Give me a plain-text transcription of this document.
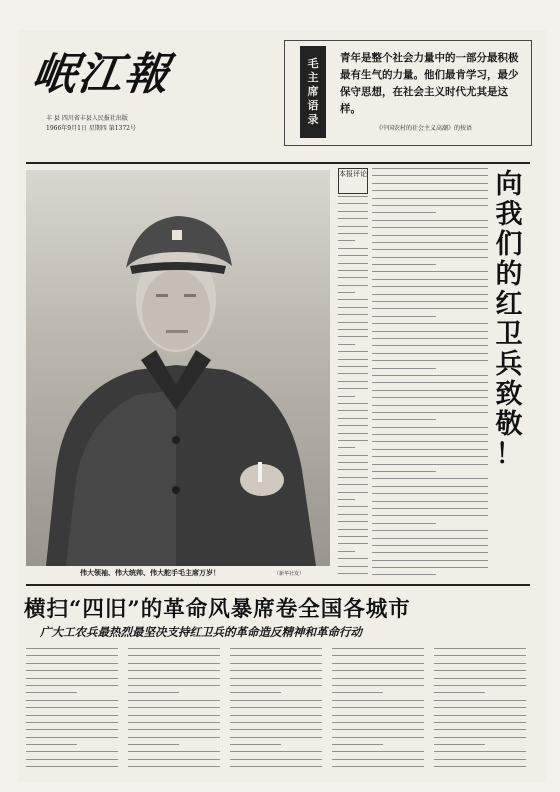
岷江報
丰 县 四川省丰县人民报社出版
1966年9月1日 星期四 第1372号
毛
主
席
语
录
青年是整个社会力量中的一部分最积极最有生气的力量。他们最肯学习，最少保守思想，在社会主义时代尤其是这样。
《中国农村的社会主义高潮》的按语
伟大领袖、伟大统帅、伟大舵手毛主席万岁！	（新华社发）
本报评论	向
我
们
的
红
卫
兵
致
敬
！
横扫“四旧”的革命风暴席卷全国各城市
广大工农兵最热烈最坚决支持红卫兵的革命造反精神和革命行动
